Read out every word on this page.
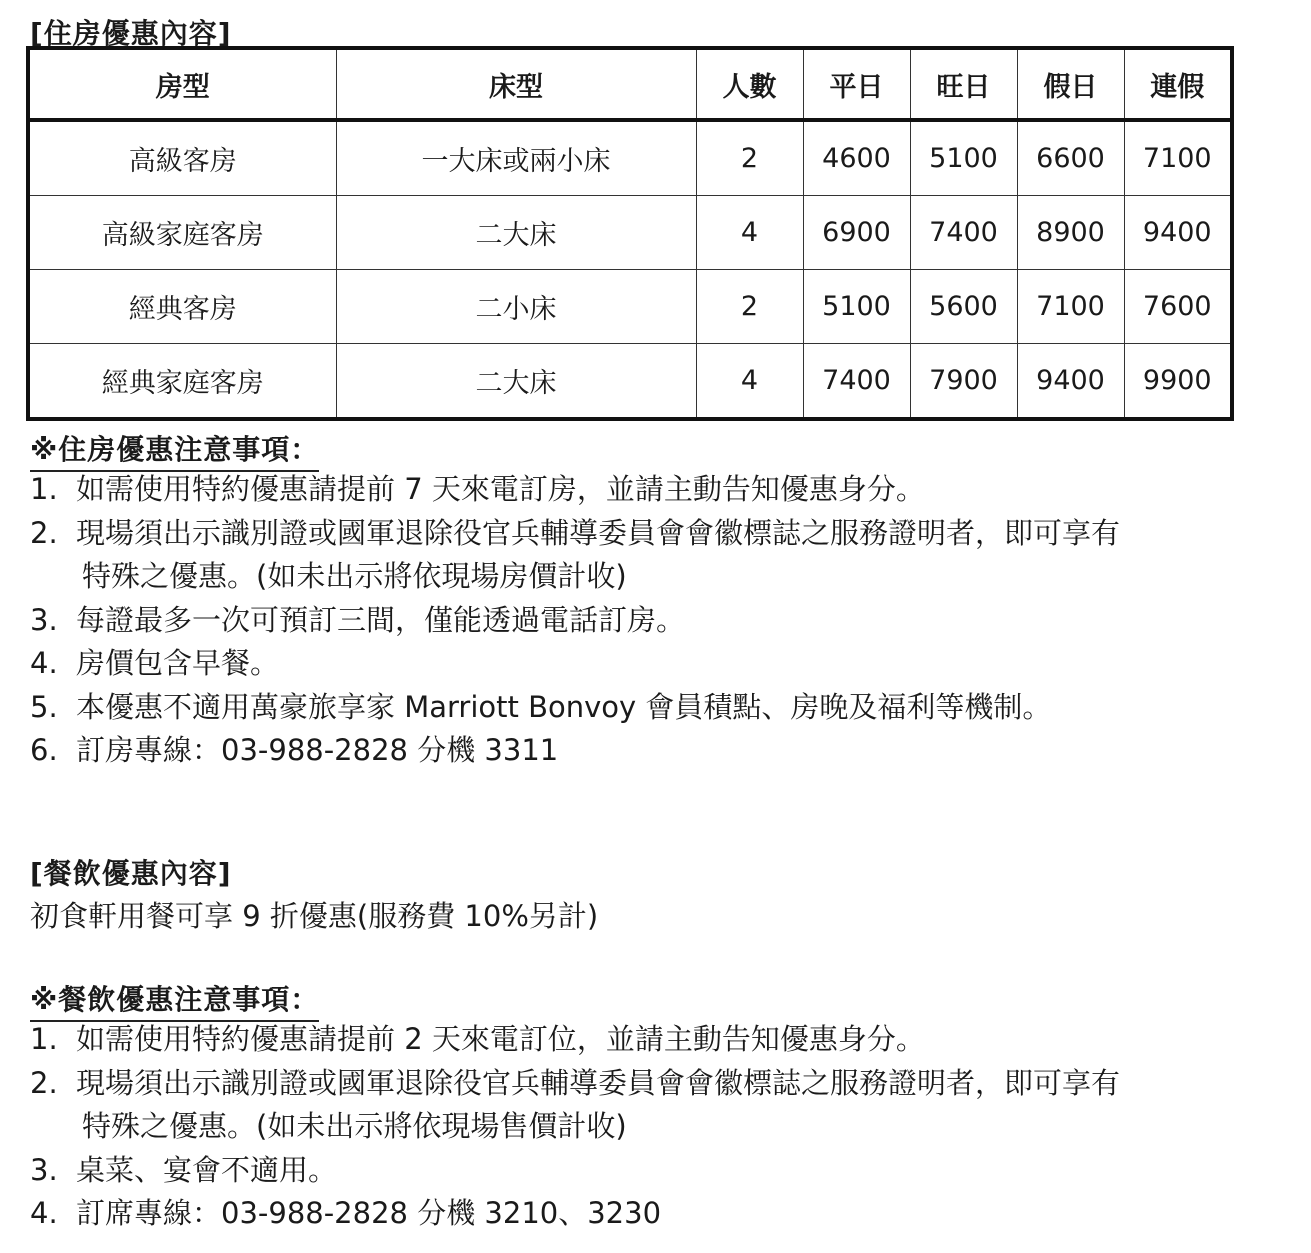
[住房優惠內容]
房型	床型	人數	平日	旺日	假日	連假
高級客房	一大床或兩小床	2	4600	5100	6600	7100
高級家庭客房	二大床	4	6900	7400	8900	9400
經典客房	二小床	2	5100	5600	7100	7600
經典家庭客房	二大床	4	7400	7900	9400	9900
※住房優惠注意事項：
1. 如需使用特約優惠請提前 7 天來電訂房，並請主動告知優惠身分。
2. 現場須出示識別證或國軍退除役官兵輔導委員會會徽標誌之服務證明者，即可享有
特殊之優惠。(如未出示將依現場房價計收)
3. 每證最多一次可預訂三間，僅能透過電話訂房。
4. 房價包含早餐。
5. 本優惠不適用萬豪旅享家 Marriott Bonvoy 會員積點、房晚及福利等機制。
6. 訂房專線：03-988-2828 分機 3311
[餐飲優惠內容]
初食軒用餐可享 9 折優惠(服務費 10%另計)
※餐飲優惠注意事項：
1. 如需使用特約優惠請提前 2 天來電訂位，並請主動告知優惠身分。
2. 現場須出示識別證或國軍退除役官兵輔導委員會會徽標誌之服務證明者，即可享有
特殊之優惠。(如未出示將依現場售價計收)
3. 桌菜、宴會不適用。
4. 訂席專線：03-988-2828 分機 3210、3230
